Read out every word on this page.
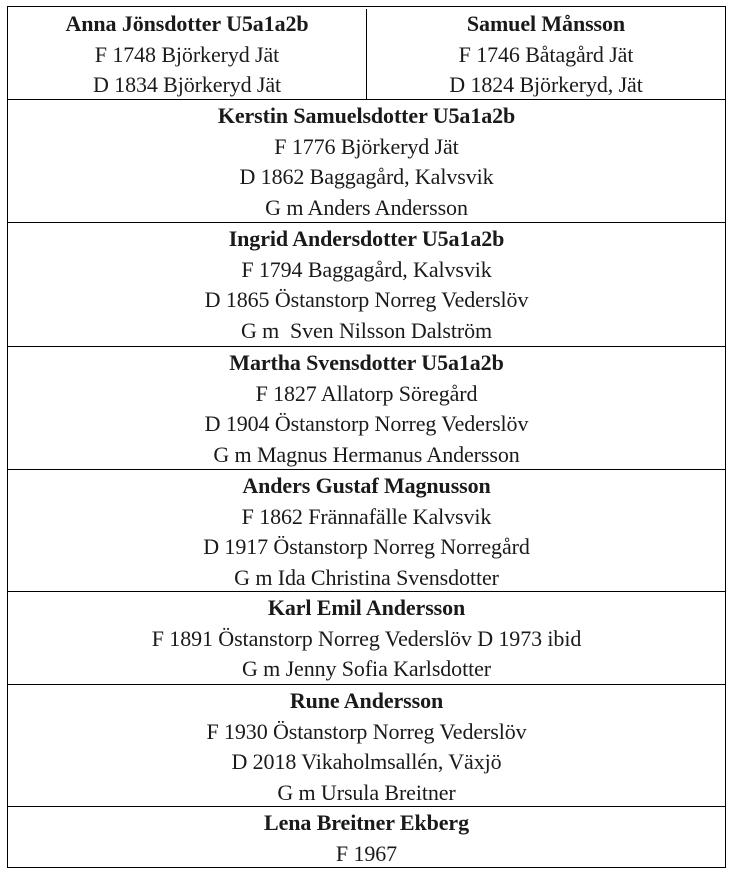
Anna Jönsdotter U5a1a2b
F 1748 Björkeryd Jät
D 1834 Björkeryd Jät
Samuel Månsson
F 1746 Båtagård Jät
D 1824 Björkeryd, Jät
Kerstin Samuelsdotter U5a1a2b
F 1776 Björkeryd Jät
D 1862 Baggagård, Kalvsvik
G m Anders Andersson
Ingrid Andersdotter U5a1a2b
F 1794 Baggagård, Kalvsvik
D 1865 Östanstorp Norreg Vederslöv
G m  Sven Nilsson Dalström
Martha Svensdotter U5a1a2b
F 1827 Allatorp Söregård
D 1904 Östanstorp Norreg Vederslöv
G m Magnus Hermanus Andersson
Anders Gustaf Magnusson
F 1862 Frännafälle Kalvsvik
D 1917 Östanstorp Norreg Norregård
G m Ida Christina Svensdotter
Karl Emil Andersson
F 1891 Östanstorp Norreg Vederslöv D 1973 ibid
G m Jenny Sofia Karlsdotter
Rune Andersson
F 1930 Östanstorp Norreg Vederslöv
D 2018 Vikaholmsallén, Växjö
G m Ursula Breitner
Lena Breitner Ekberg
F 1967
